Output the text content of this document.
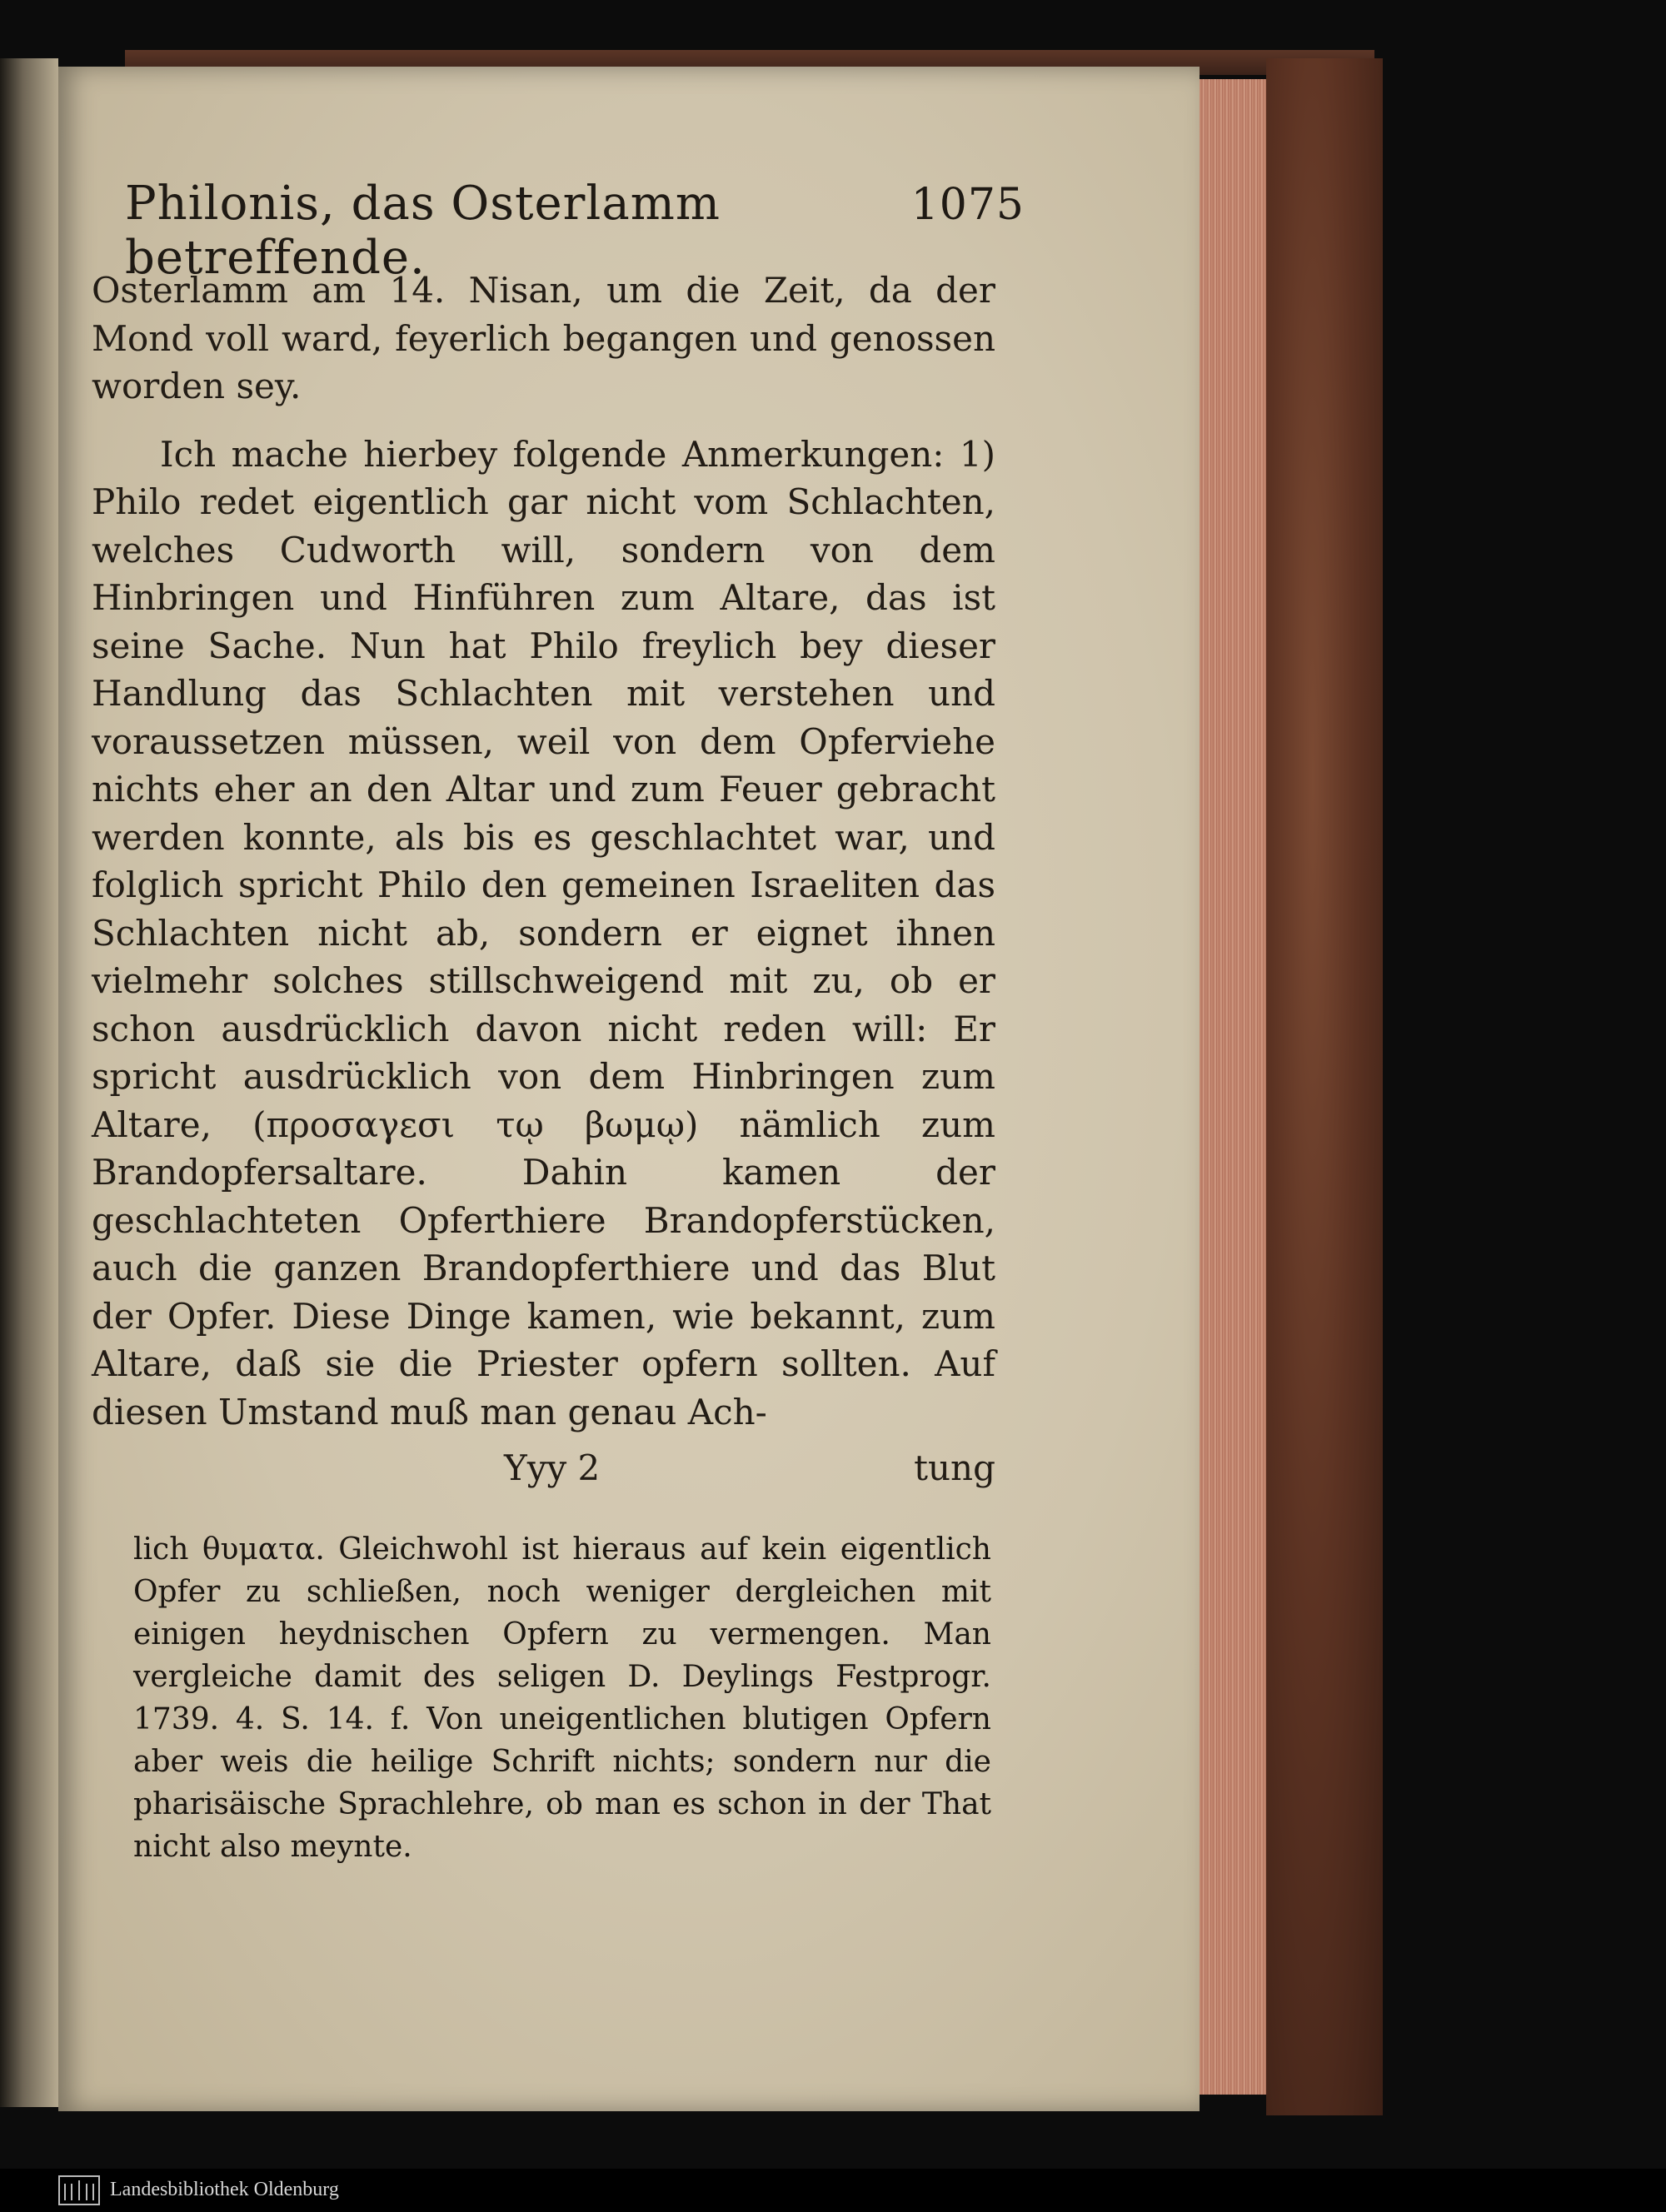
Philonis, das Osterlamm betreffende.
1075

Osterlamm am 14. Nisan, um die Zeit, da der Mond voll ward, feyerlich begangen und genossen worden sey.

Ich mache hierbey folgende Anmerkungen: 1) Philo redet eigentlich gar nicht vom Schlachten, welches Cudworth will, sondern von dem Hinbringen und Hinführen zum Altare, das ist seine Sache. Nun hat Philo freylich bey dieser Handlung das Schlachten mit verstehen und voraussetzen müssen, weil von dem Opferviehe nichts eher an den Altar und zum Feuer gebracht werden konnte, als bis es geschlachtet war, und folglich spricht Philo den gemeinen Israeliten das Schlachten nicht ab, sondern er eignet ihnen vielmehr solches stillschweigend mit zu, ob er schon ausdrücklich davon nicht reden will: Er spricht ausdrücklich von dem Hinbringen zum Altare, (προσαγεσι τῳ βωμῳ) nämlich zum Brandopfersaltare. Dahin kamen der geschlachteten Opferthiere Brandopferstücken, auch die ganzen Brandopferthiere und das Blut der Opfer. Diese Dinge kamen, wie bekannt, zum Altare, daß sie die Priester opfern sollten. Auf diesen Umstand muß man genau Ach-

Yyy 2	tung
lich θυματα. Gleichwohl ist hieraus auf kein eigentlich Opfer zu schließen, noch weniger dergleichen mit einigen heydnischen Opfern zu vermengen. Man vergleiche damit des seligen D. Deylings Festprogr. 1739. 4. S. 14. f. Von uneigentlichen blutigen Opfern aber weis die heilige Schrift nichts; sondern nur die pharisäische Sprachlehre, ob man es schon in der That nicht also meynte.
Landesbibliothek Oldenburg
